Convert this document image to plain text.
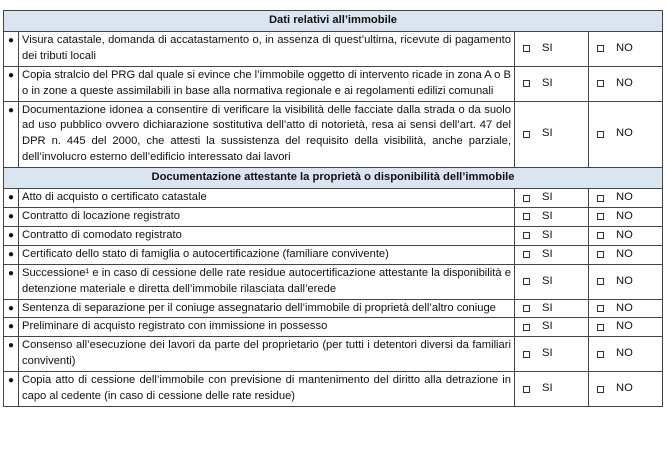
Dati relativi all’immobile			
●	Visura catastale, domanda di accatastamento o, in assenza di quest’ultima, ricevute di pagamento dei tributi locali	SI	NO

●	Copia stralcio del PRG dal quale si evince che l’immobile oggetto di intervento ricade in zona A o B o in zone a queste assimilabili in base alla normativa regionale e ai regolamenti edilizi comunali	SI	NO

●	Documentazione idonea a consentire di verificare la visibilità delle facciate dalla strada o da suolo ad uso pubblico ovvero dichiarazione sostitutiva dell’atto di notorietà, resa ai sensi dell’art. 47 del DPR n. 445 del 2000, che attesti la sussistenza del requisito della visibilità, anche parziale, dell’involucro esterno dell’edificio interessato dai lavori	SI	NO

Documentazione attestante la proprietà o disponibilità dell’immobile			
●	Atto di acquisto o certificato catastale	SI	NO

●	Contratto di locazione registrato	SI	NO

●	Contratto di comodato registrato	SI	NO

●	Certificato dello stato di famiglia o autocertificazione (familiare convivente)	SI	NO

●	Successione¹ e in caso di cessione delle rate residue autocertificazione attestante la disponibilità e detenzione materiale e diretta dell’immobile rilasciata dall’erede	SI	NO

●	Sentenza di separazione per il coniuge assegnatario dell’immobile di proprietà dell’altro coniuge	SI	NO

●	Preliminare di acquisto registrato con immissione in possesso	SI	NO

●	Consenso all’esecuzione dei lavori da parte del proprietario (per tutti i detentori diversi da familiari conviventi)	SI	NO

●	Copia atto di cessione dell’immobile con previsione di mantenimento del diritto alla detrazione in capo al cedente (in caso di cessione delle rate residue)	SI	NO
